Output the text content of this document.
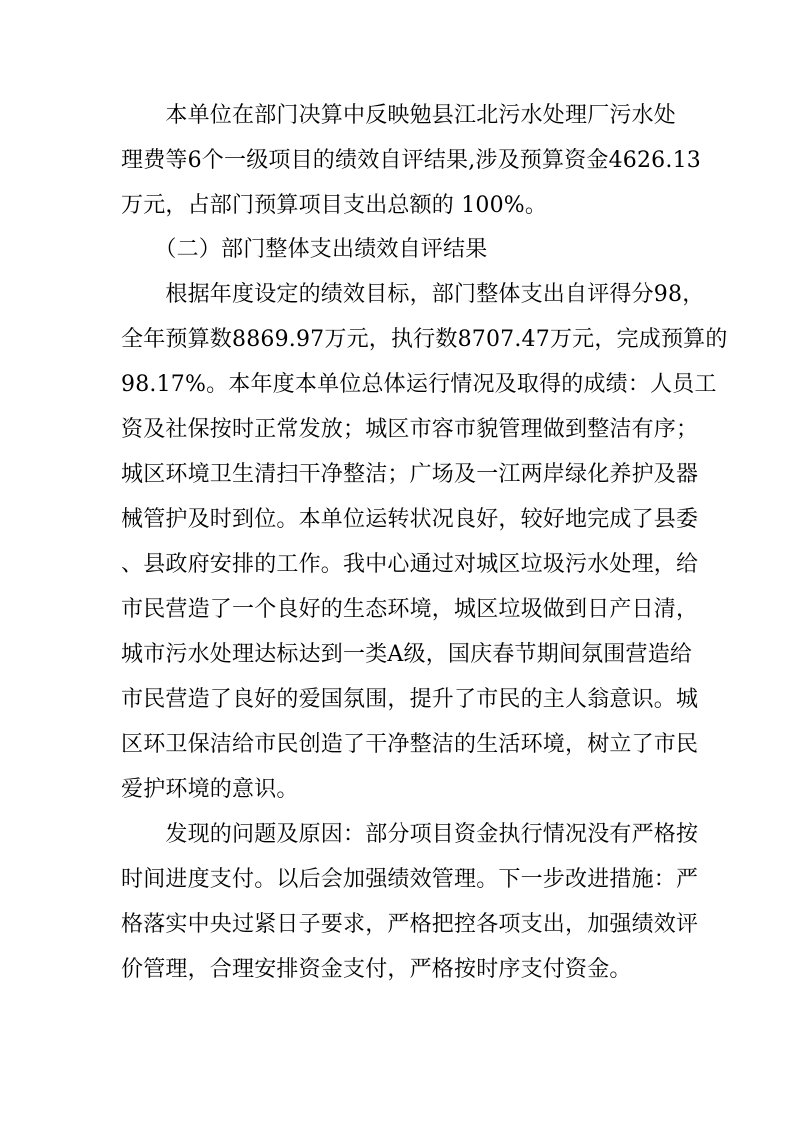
　　本单位在部门决算中反映勉县江北污水处理厂污水处
理费等6个一级项目的绩效自评结果,涉及预算资金4626.13
万元，占部门预算项目支出总额的 100%。
　　（二）部门整体支出绩效自评结果
　　根据年度设定的绩效目标，部门整体支出自评得分98，
全年预算数8869.97万元，执行数8707.47万元，完成预算的
98.17%。本年度本单位总体运行情况及取得的成绩：人员工
资及社保按时正常发放；城区市容市貌管理做到整洁有序；
城区环境卫生清扫干净整洁；广场及一江两岸绿化养护及器
械管护及时到位。本单位运转状况良好，较好地完成了县委
、县政府安排的工作。我中心通过对城区垃圾污水处理，给
市民营造了一个良好的生态环境，城区垃圾做到日产日清，
城市污水处理达标达到一类A级，国庆春节期间氛围营造给
市民营造了良好的爱国氛围，提升了市民的主人翁意识。城
区环卫保洁给市民创造了干净整洁的生活环境，树立了市民
爱护环境的意识。
　　发现的问题及原因：部分项目资金执行情况没有严格按
时间进度支付。以后会加强绩效管理。下一步改进措施：严
格落实中央过紧日子要求，严格把控各项支出，加强绩效评
价管理，合理安排资金支付，严格按时序支付资金。
